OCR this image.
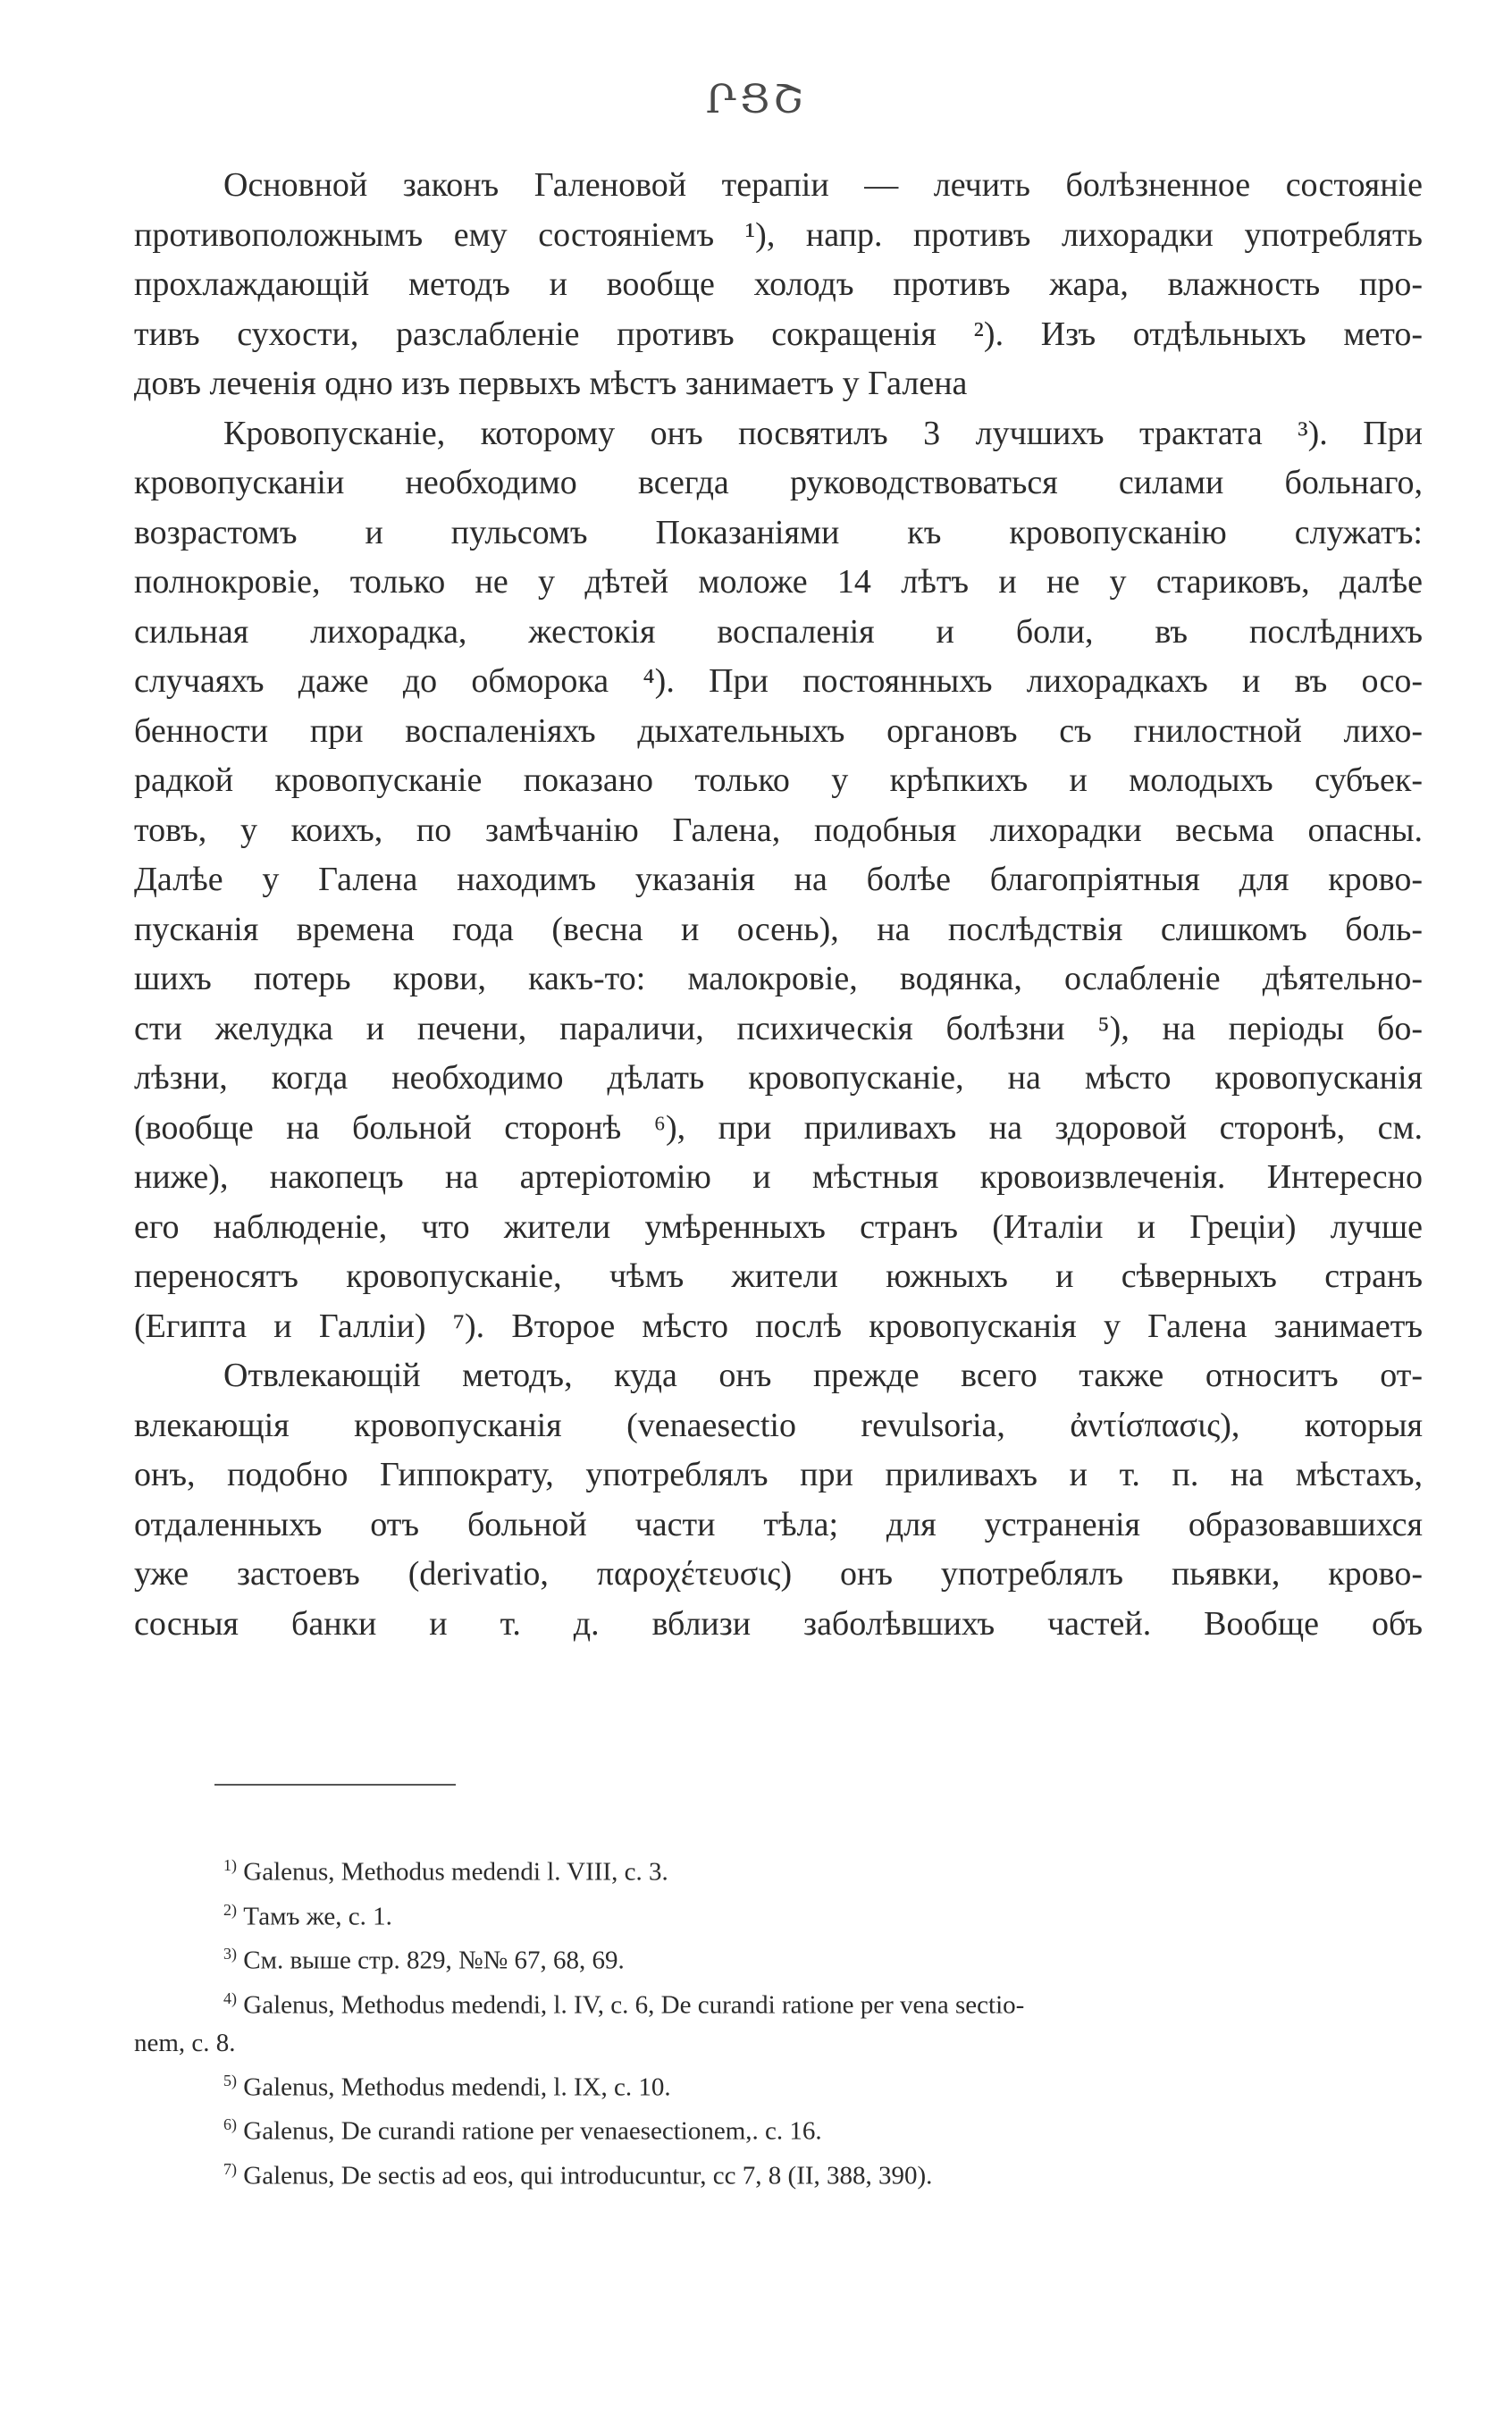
ՐՑՇ
Основной законъ Галеновой терапіи — лечить болѣзненное состояніе
противоположнымъ ему состояніемъ ¹), напр. противъ лихорадки употреблять
прохлаждающій методъ и вообще холодъ противъ жара, влажность про-
тивъ сухости, разслабленіе противъ сокращенія ²). Изъ отдѣльныхъ мето-
довъ леченія одно изъ первыхъ мѣстъ занимаетъ у Галена
Кровопусканіе, которому онъ посвятилъ 3 лучшихъ трактата ³). При
кровопусканіи необходимо всегда руководствоваться силами больнаго,
возрастомъ и пульсомъ Показаніями къ кровопусканію служатъ:
полнокровіе, только не у дѣтей моложе 14 лѣтъ и не у стариковъ, далѣе
сильная лихорадка, жестокія воспаленія и боли, въ послѣднихъ
случаяхъ даже до обморока ⁴). При постоянныхъ лихорадкахъ и въ осо-
бенности при воспаленіяхъ дыхательныхъ органовъ съ гнилостной лихо-
радкой кровопусканіе показано только у крѣпкихъ и молодыхъ субъек-
товъ, у коихъ, по замѣчанію Галена, подобныя лихорадки весьма опасны.
Далѣе у Галена находимъ указанія на болѣе благопріятныя для крово-
пусканія времена года (весна и осень), на послѣдствія слишкомъ боль-
шихъ потерь крови, какъ-то: малокровіе, водянка, ослабленіе дѣятельно-
сти желудка и печени, параличи, психическія болѣзни ⁵), на періоды бо-
лѣзни, когда необходимо дѣлать кровопусканіе, на мѣсто кровопусканія
(вообще на больной сторонѣ ⁶), при приливахъ на здоровой сторонѣ, см.
ниже), накопецъ на артеріотомію и мѣстныя кровоизвлеченія. Интересно
его наблюденіе, что жители умѣренныхъ странъ (Италіи и Греціи) лучше
переносятъ кровопусканіе, чѣмъ жители южныхъ и сѣверныхъ странъ
(Египта и Галліи) ⁷). Второе мѣсто послѣ кровопусканія у Галена занимаетъ
Отвлекающій методъ, куда онъ прежде всего также относитъ от-
влекающія кровопусканія (venaesectio revulsoria, ἀντίσπασις), которыя
онъ, подобно Гиппократу, употреблялъ при приливахъ и т. п. на мѣстахъ,
отдаленныхъ отъ больной части тѣла; для устраненія образовавшихся
уже застоевъ (derivatio, παροχέτευσις) онъ употреблялъ пьявки, крово-
сосныя банки и т. д. вблизи заболѣвшихъ частей. Вообще объ
$^{1)}$ Galenus, Methodus medendi l. VIII, c. 3.
$^{2)}$ Тамъ же, с. 1.
$^{3)}$ См. выше стр. 829, №№ 67, 68, 69.
$^{4)}$ Galenus, Methodus medendi, l. IV, c. 6, De curandi ratione per vena sectio-
nem, c. 8.
$^{5)}$ Galenus, Methodus medendi, l. IX, c. 10.
$^{6)}$ Galenus, De curandi ratione per venaesectionem,. c. 16.
$^{7)}$ Galenus, De sectis ad eos, qui introducuntur, cc 7, 8 (II, 388, 390).
